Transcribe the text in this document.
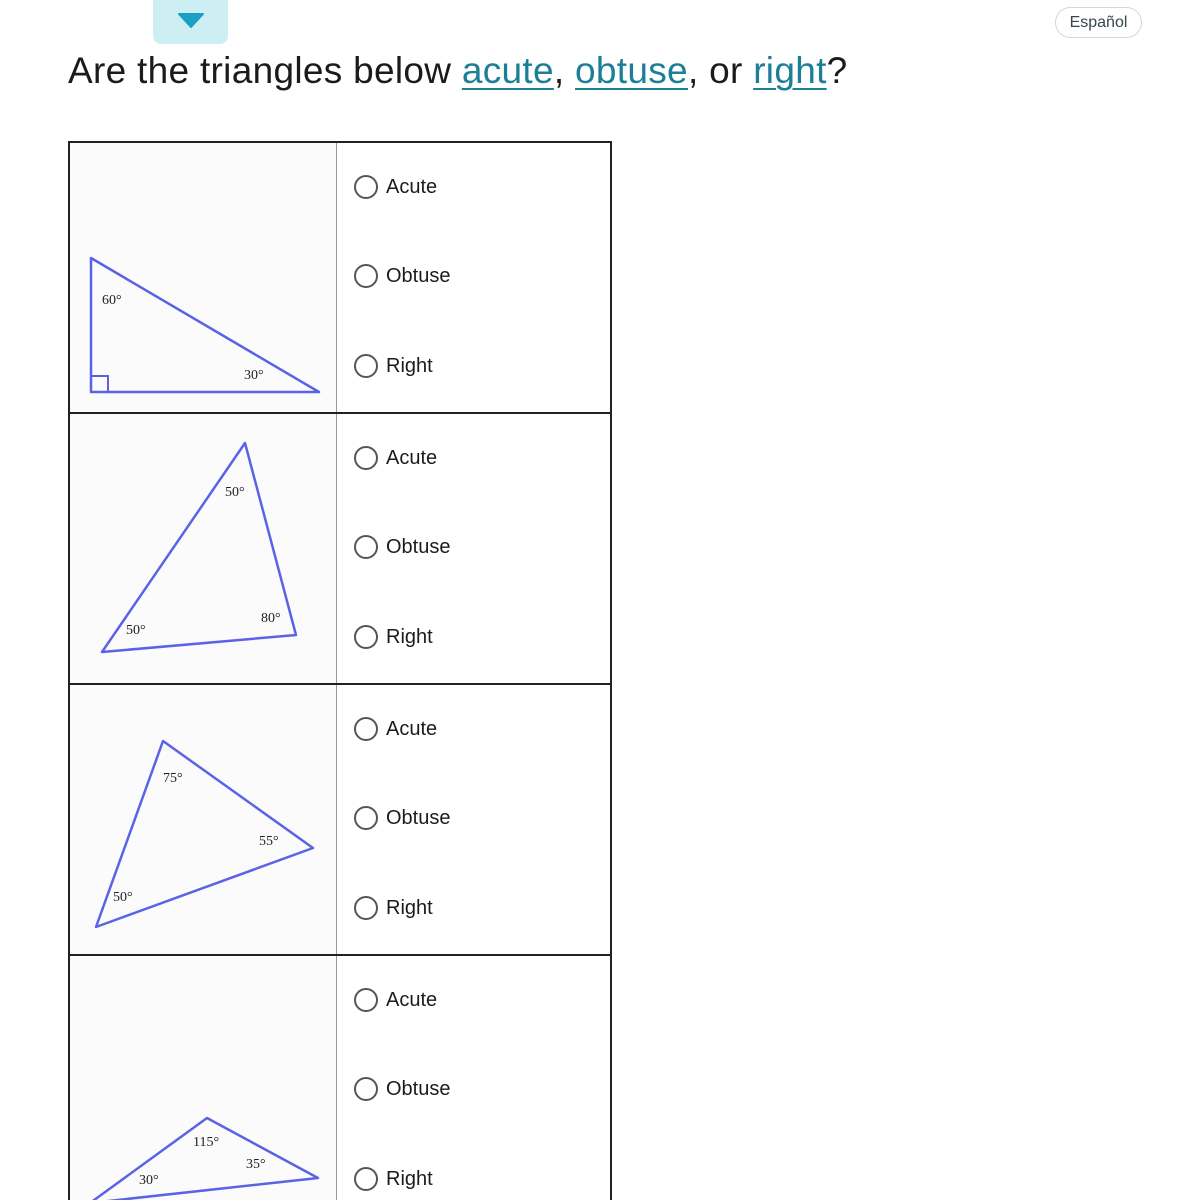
Español
Are the triangles below acute, obtuse, or right?
60°
30°
Acute
Obtuse
Right
50°
50°
80°
Acute
Obtuse
Right
75°
55°
50°
Acute
Obtuse
Right
115°
35°
30°
Acute
Obtuse
Right
